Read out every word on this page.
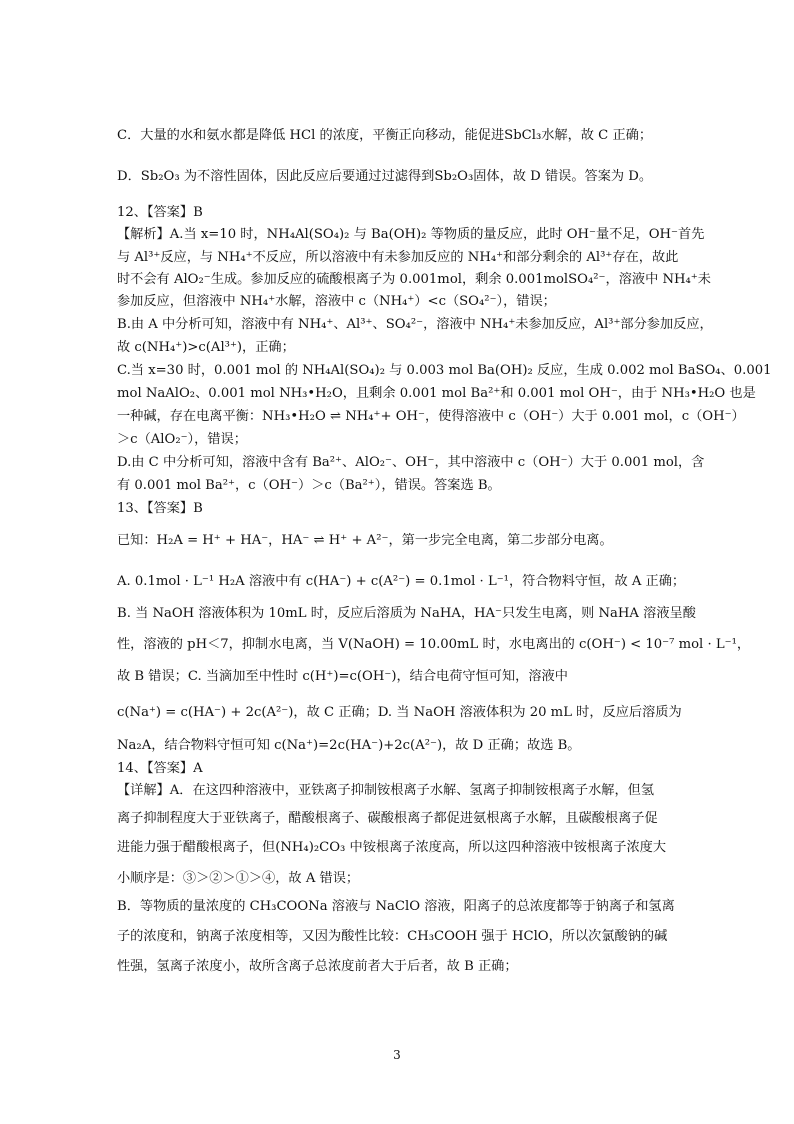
C．大量的水和氨水都是降低 HCl 的浓度，平衡正向移动，能促进SbCl₃水解，故 C 正确；
D．Sb₂O₃ 为不溶性固体，因此反应后要通过过滤得到Sb₂O₃固体，故 D 错误。答案为 D。
12、【答案】B
【解析】A.当 x=10 时，NH₄Al(SO₄)₂ 与 Ba(OH)₂ 等物质的量反应，此时 OH⁻量不足，OH⁻首先
与 Al³⁺反应，与 NH₄⁺不反应，所以溶液中有未参加反应的 NH₄⁺和部分剩余的 Al³⁺存在，故此
时不会有 AlO₂⁻生成。参加反应的硫酸根离子为 0.001mol，剩余 0.001molSO₄²⁻，溶液中 NH₄⁺未
参加反应，但溶液中 NH₄⁺水解，溶液中 c（NH₄⁺）<c（SO₄²⁻），错误；
B.由 A 中分析可知，溶液中有 NH₄⁺、Al³⁺、SO₄²⁻，溶液中 NH₄⁺未参加反应，Al³⁺部分参加反应，
故 c(NH₄⁺)>c(Al³⁺)，正确；
C.当 x=30 时，0.001 mol 的 NH₄Al(SO₄)₂ 与 0.003 mol Ba(OH)₂ 反应，生成 0.002 mol BaSO₄、0.001
mol NaAlO₂、0.001 mol NH₃•H₂O，且剩余 0.001 mol Ba²⁺和 0.001 mol OH⁻，由于 NH₃•H₂O 也是
一种碱，存在电离平衡：NH₃•H₂O ⇌ NH₄⁺+ OH⁻，使得溶液中 c（OH⁻）大于 0.001 mol，c（OH⁻）
＞c（AlO₂⁻），错误；
D.由 C 中分析可知，溶液中含有 Ba²⁺、AlO₂⁻、OH⁻，其中溶液中 c（OH⁻）大于 0.001 mol，含
有 0.001 mol Ba²⁺，c（OH⁻）＞c（Ba²⁺），错误。答案选 B。
13、【答案】B
已知：H₂A = H⁺ + HA⁻，HA⁻ ⇌ H⁺ + A²⁻，第一步完全电离，第二步部分电离。
A. 0.1mol · L⁻¹ H₂A 溶液中有 c(HA⁻) + c(A²⁻) = 0.1mol · L⁻¹，符合物料守恒，故 A 正确；
B. 当 NaOH 溶液体积为 10mL 时，反应后溶质为 NaHA，HA⁻只发生电离，则 NaHA 溶液呈酸
性，溶液的 pH＜7，抑制水电离，当 V(NaOH) = 10.00mL 时，水电离出的 c(OH⁻) < 10⁻⁷ mol · L⁻¹，
故 B 错误；C. 当滴加至中性时 c(H⁺)=c(OH⁻)，结合电荷守恒可知，溶液中
c(Na⁺) = c(HA⁻) + 2c(A²⁻)，故 C 正确；D. 当 NaOH 溶液体积为 20 mL 时，反应后溶质为
Na₂A，结合物料守恒可知 c(Na⁺)=2c(HA⁻)+2c(A²⁻)，故 D 正确；故选 B。
14、【答案】A
【详解】A．在这四种溶液中，亚铁离子抑制铵根离子水解、氢离子抑制铵根离子水解，但氢
离子抑制程度大于亚铁离子，醋酸根离子、碳酸根离子都促进氨根离子水解，且碳酸根离子促
进能力强于醋酸根离子，但(NH₄)₂CO₃ 中铵根离子浓度高，所以这四种溶液中铵根离子浓度大
小顺序是：③＞②＞①＞④，故 A 错误；
B．等物质的量浓度的 CH₃COONa 溶液与 NaClO 溶液，阳离子的总浓度都等于钠离子和氢离
子的浓度和，钠离子浓度相等，又因为酸性比较：CH₃COOH 强于 HClO，所以次氯酸钠的碱
性强，氢离子浓度小，故所含离子总浓度前者大于后者，故 B 正确；
3
